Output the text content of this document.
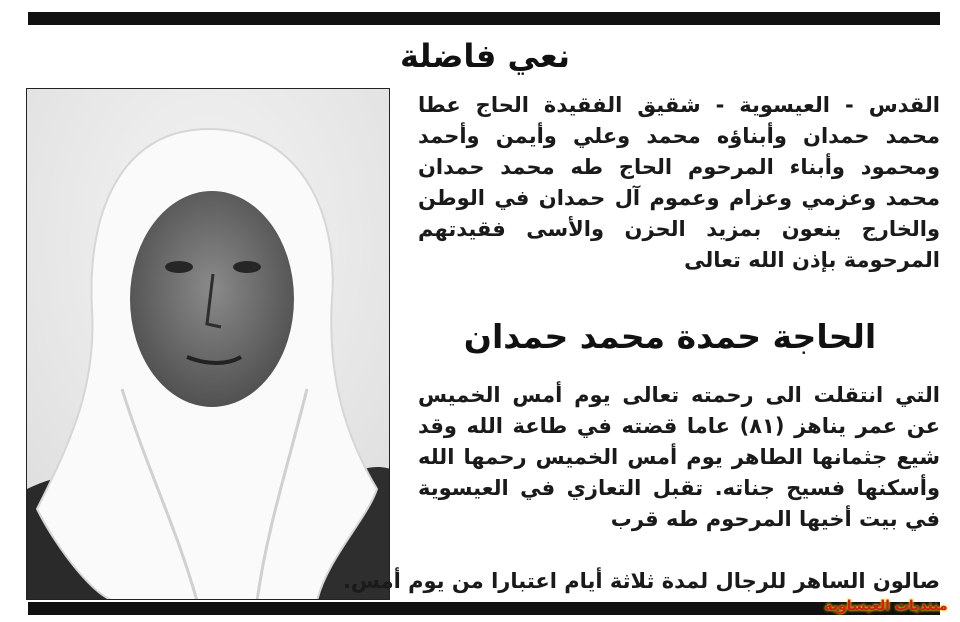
نعي فاضلة
القدس - العيسوية - شقيق الفقيدة الحاج عطا محمد حمدان وأبناؤه محمد وعلي وأيمن وأحمد ومحمود وأبناء المرحوم الحاج طه محمد حمدان محمد وعزمي وعزام وعموم آل حمدان في الوطن والخارج ينعون بمزيد الحزن والأسى فقيدتهم المرحومة بإذن الله تعالى
الحاجة حمدة محمد حمدان
التي انتقلت الى رحمته تعالى يوم أمس الخميس عن عمر يناهز (٨١) عاما قضته في طاعة الله وقد شيع جثمانها الطاهر يوم أمس الخميس رحمها الله وأسكنها فسيح جناته. تقبل التعازي في العيسوية في بيت أخيها المرحوم طه قرب
صالون الساهر للرجال لمدة ثلاثة أيام اعتبارا من يوم أمس.
منتديات العيساوية
